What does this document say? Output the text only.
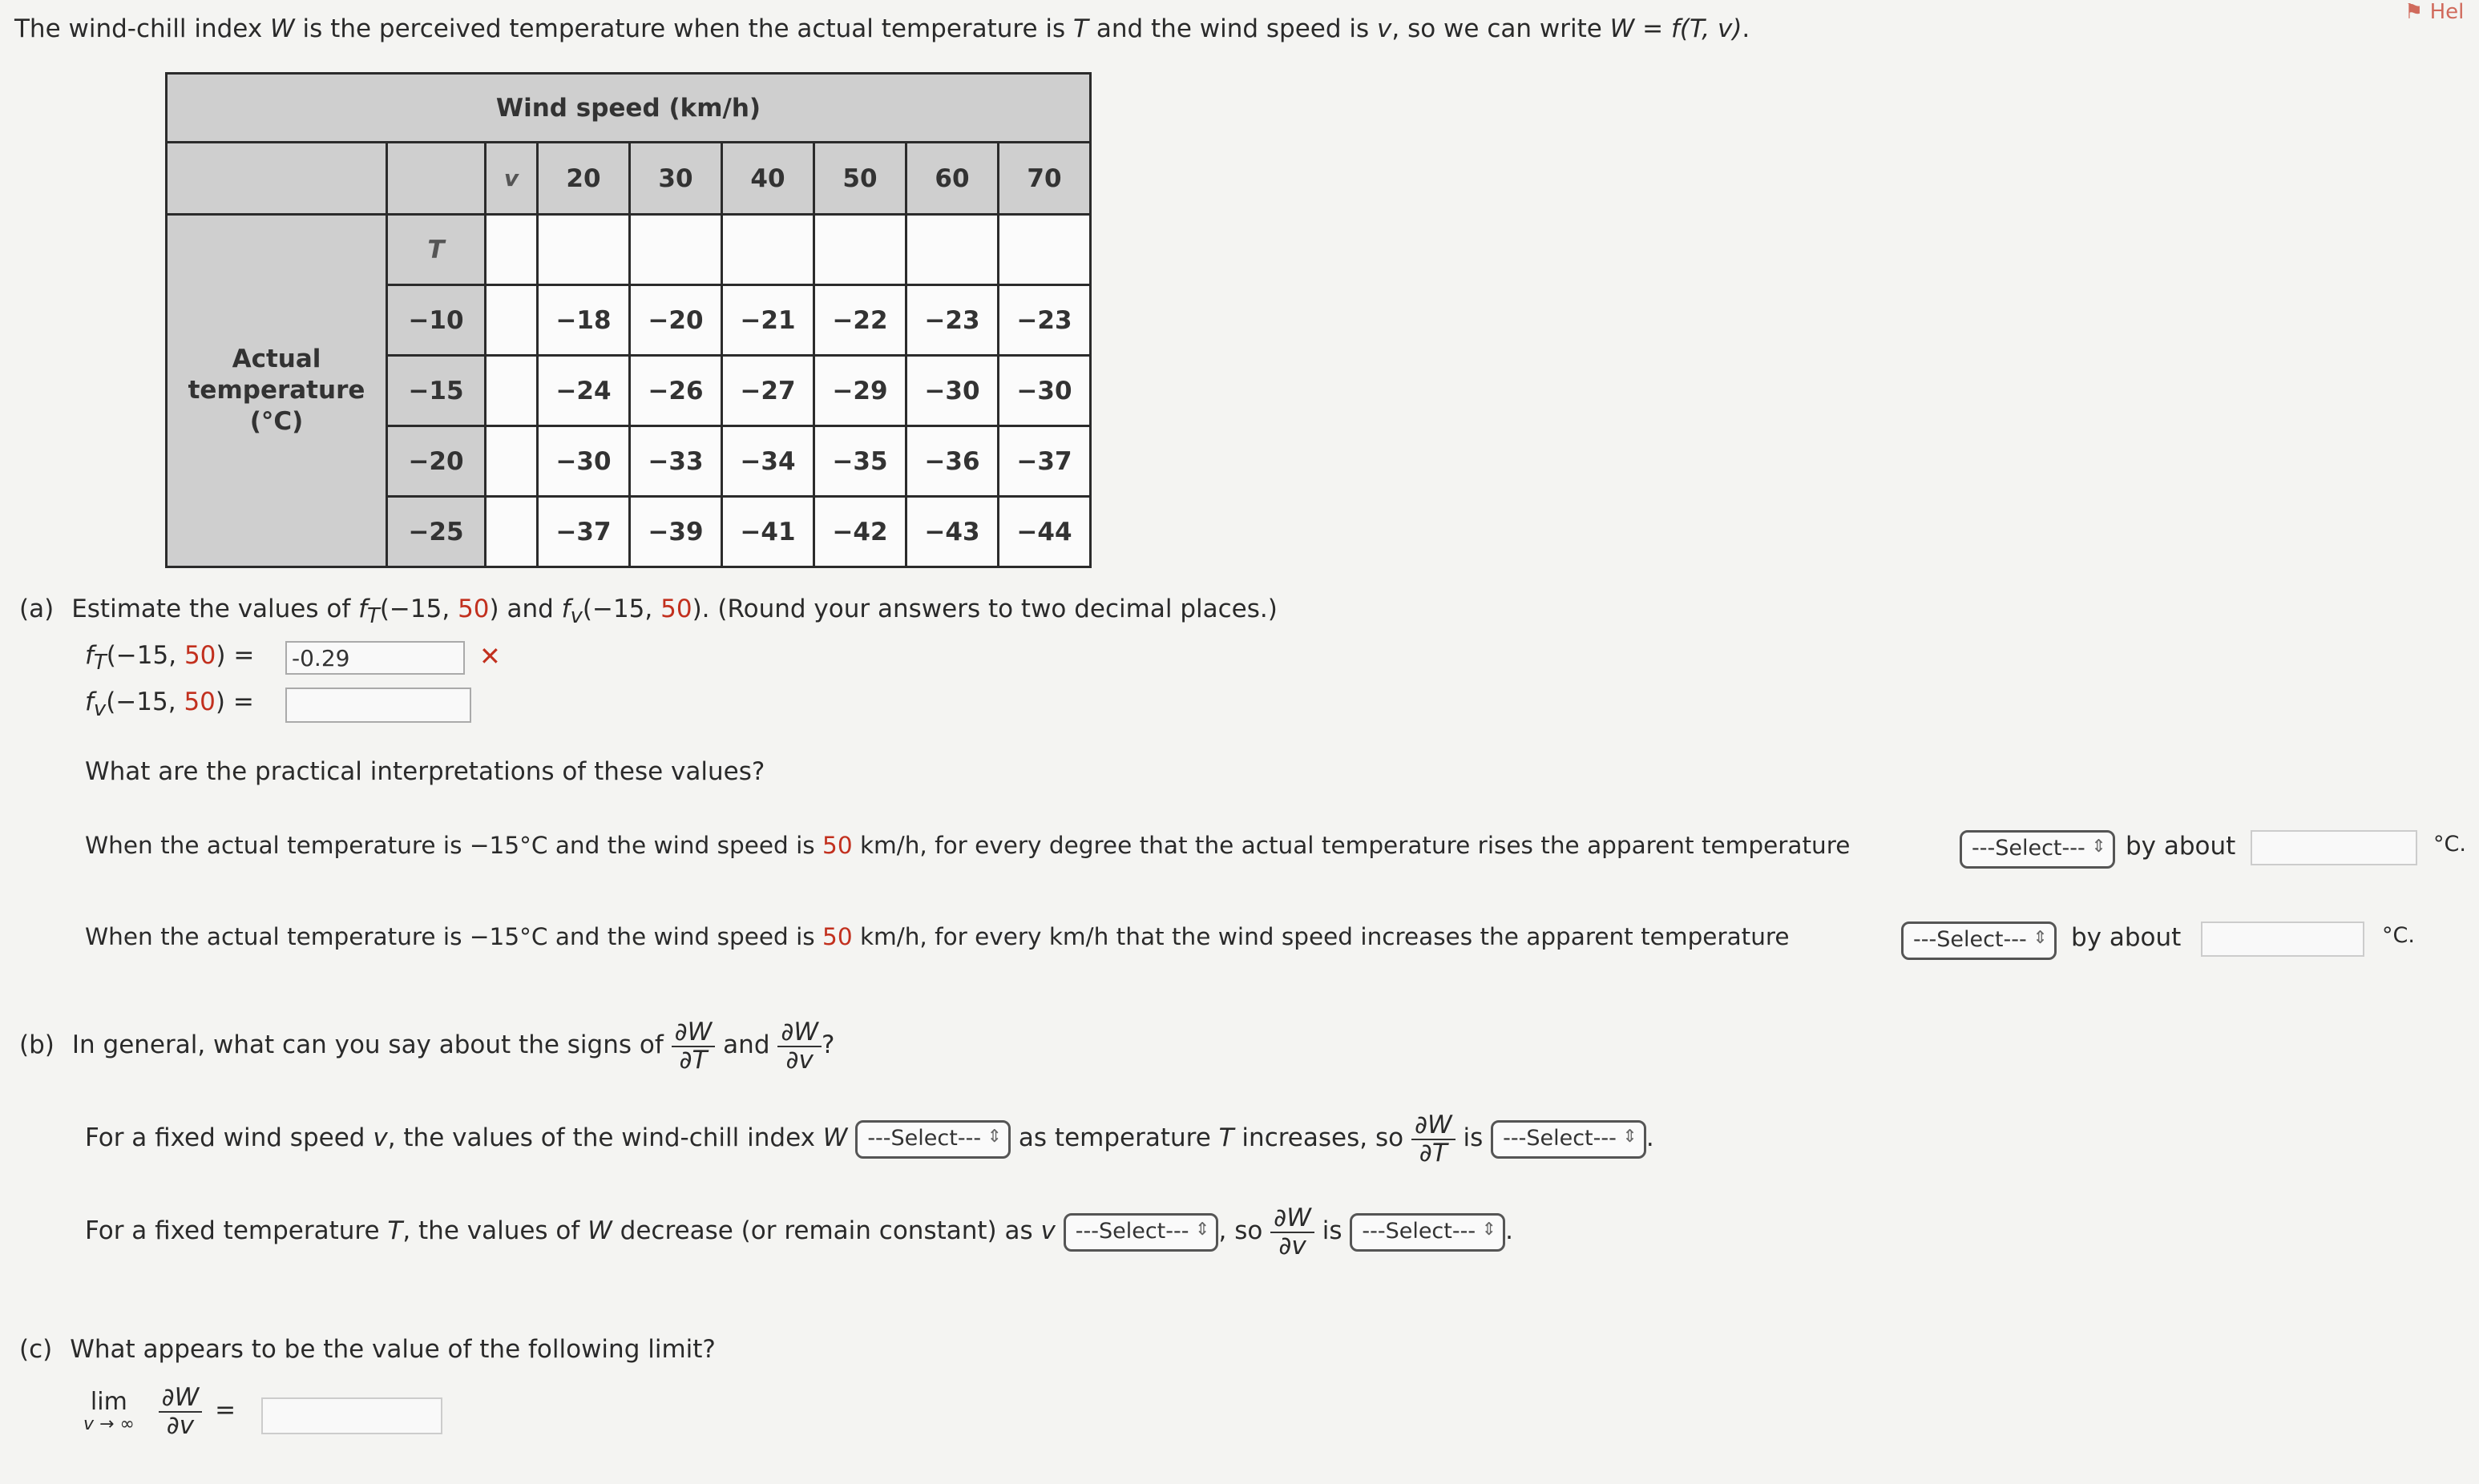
The wind-chill index W is the perceived temperature when the actual temperature is T and the wind speed is v, so we can write W = f(T, v).
⚑ Hel
Wind speed (km/h)								
		v	20	30	40	50	60	70
Actual
temperature
(°C)	T							
	−10		−18	−20	−21	−22	−23	−23
	−15		−24	−26	−27	−29	−30	−30
	−20		−30	−33	−34	−35	−36	−37
	−25		−37	−39	−41	−42	−43	−44
(a) Estimate the values of $f_T(-15$, 50) and $f_v(-15$, 50). (Round your answers to two decimal places.)
$f_T(-15$, 50) =
-0.29	✕
$f_v(-15$, 50) =
What are the practical interpretations of these values?
When the actual temperature is −15°C and the wind speed is 50 km/h, for every degree that the actual temperature rises the apparent temperature	---Select--- ⇕ by about	°C.
When the actual temperature is −15°C and the wind speed is 50 km/h, for every km/h that the wind speed increases the apparent temperature	---Select--- ⇕ by about	°C.
(b) In general, what can you say about the signs of $\frac{\partial W}{\partial T}$ and $\frac{\partial W}{\partial v}$ ?
For a fixed wind speed v, the values of the wind-chill index W ---Select--- ⇕ as temperature T increases, so $\frac{\partial W}{\partial T}$ is ---Select--- ⇕ .
For a fixed temperature T, the values of W decrease (or remain constant) as v ---Select--- ⇕ , so $\frac{\partial W}{\partial v}$ is ---Select--- ⇕ .
(c) What appears to be the value of the following limit?
lim
v → ∞
$\frac{\partial W}{\partial v}$ =
